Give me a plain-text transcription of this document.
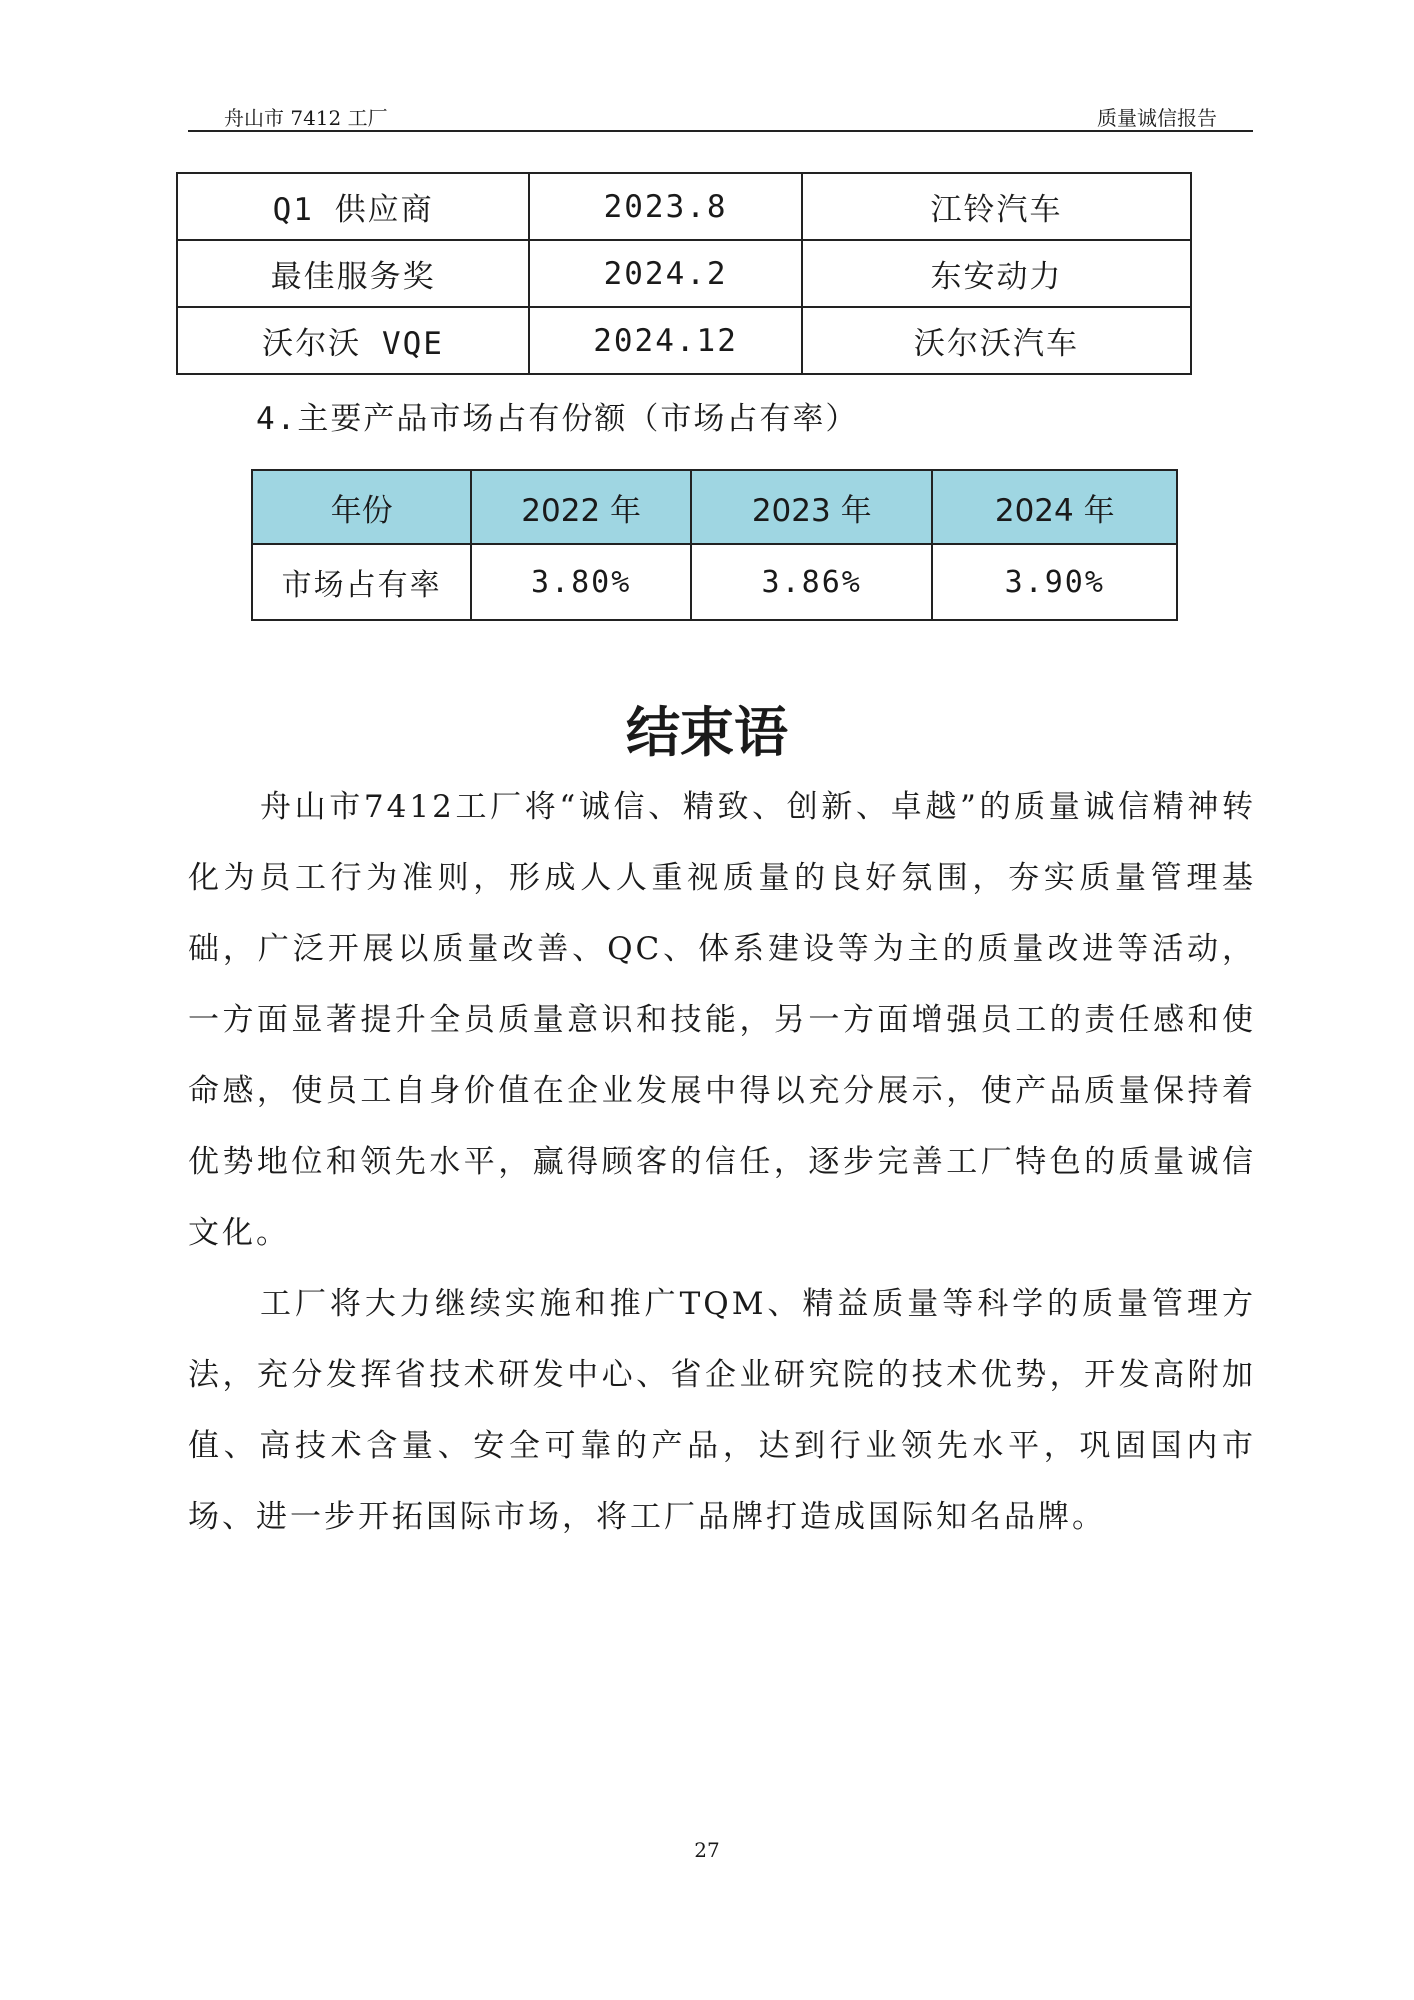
舟山市 7412 工厂	质量诚信报告
Q1 供应商	2023.8	江铃汽车
最佳服务奖	2024.2	东安动力
沃尔沃 VQE	2024.12	沃尔沃汽车
4.主要产品市场占有份额（市场占有率）
年份	2022 年	2023 年	2024 年
市场占有率	3.80%	3.86%	3.90%
结束语

舟山市7412工厂将“诚信、精致、创新、卓越”的质量诚信精神转化为员工行为准则，形成人人重视质量的良好氛围，夯实质量管理基础，广泛开展以质量改善、QC、体系建设等为主的质量改进等活动，一方面显著提升全员质量意识和技能，另一方面增强员工的责任感和使命感，使员工自身价值在企业发展中得以充分展示，使产品质量保持着优势地位和领先水平，赢得顾客的信任，逐步完善工厂特色的质量诚信文化。

工厂将大力继续实施和推广TQM、精益质量等科学的质量管理方法，充分发挥省技术研发中心、省企业研究院的技术优势，开发高附加值、高技术含量、安全可靠的产品，达到行业领先水平，巩固国内市场、进一步开拓国际市场，将工厂品牌打造成国际知名品牌。

27
